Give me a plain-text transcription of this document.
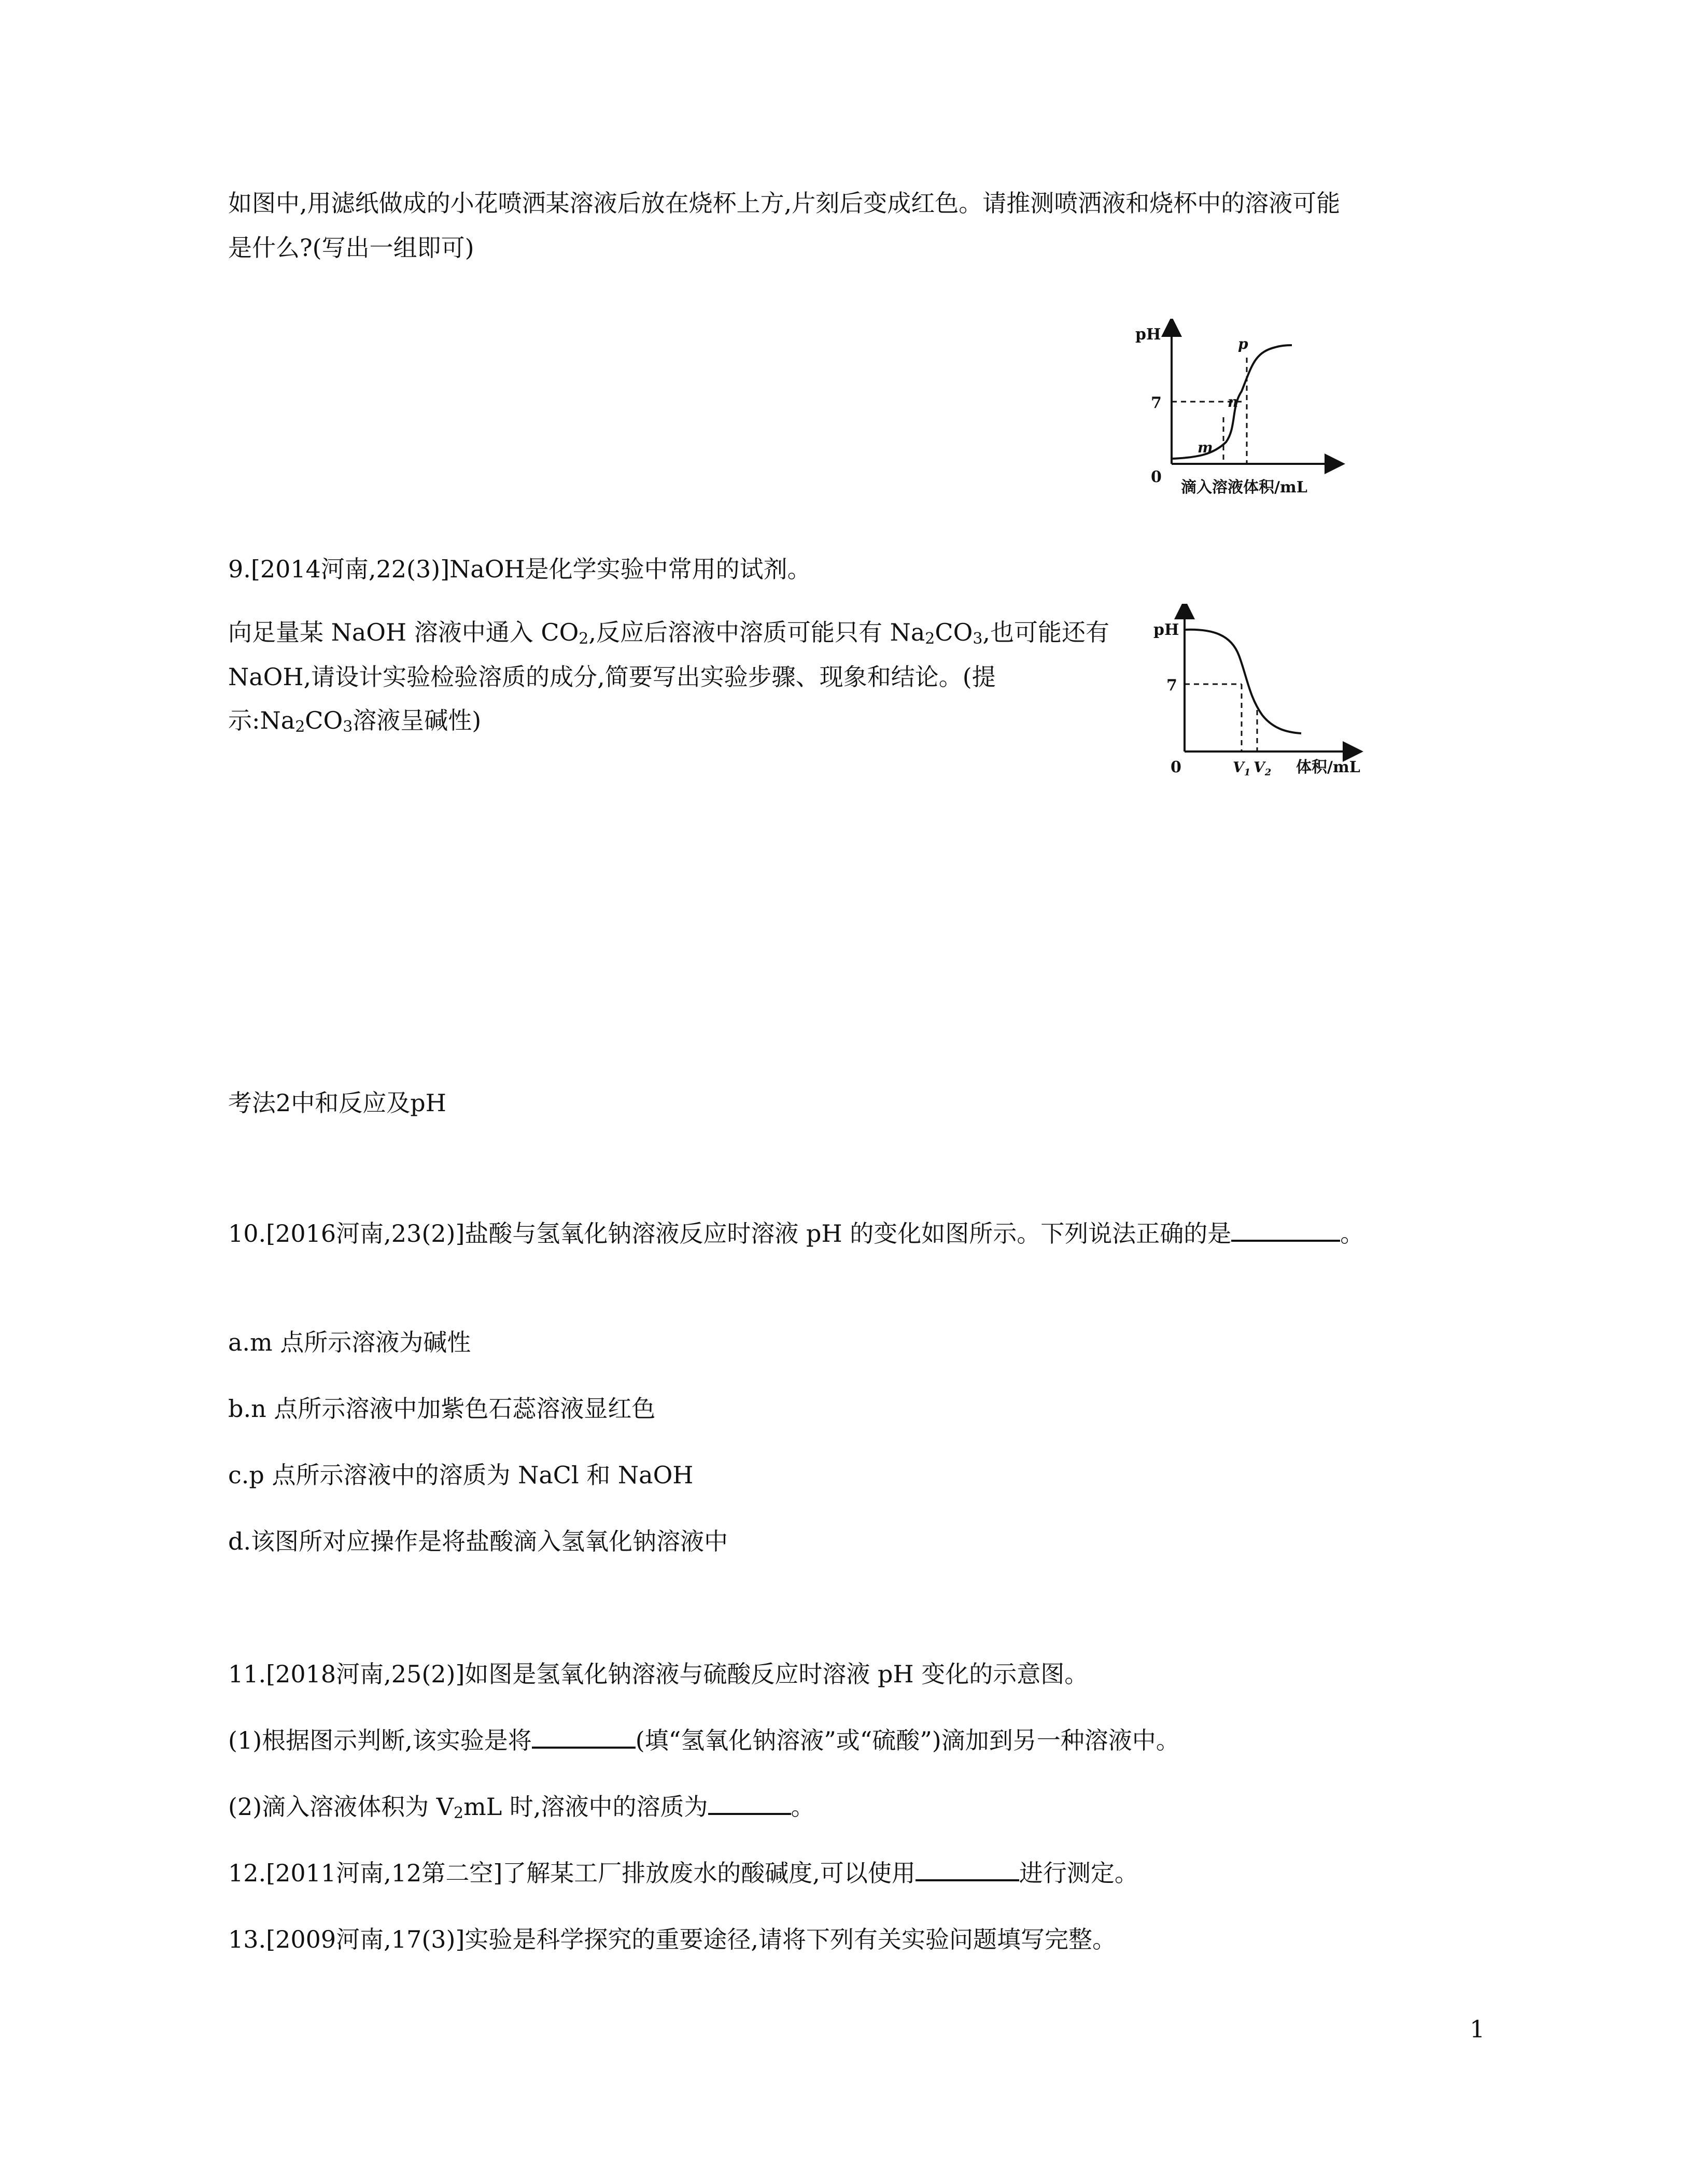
如图中,用滤纸做成的小花喷洒某溶液后放在烧杯上方,片刻后变成红色。请推测喷洒液和烧杯中的溶液可能
是什么?(写出一组即可)
pH
7
0
m
n
p
滴入溶液体积/mL
9.[2014河南,22(3)]NaOH是化学实验中常用的试剂。
向足量某 NaOH 溶液中通入 $CO_2$,反应后溶液中溶质可能只有 $Na_2CO_3$,也可能还有
NaOH,请设计实验检验溶质的成分,简要写出实验步骤、现象和结论。(提
示$:Na_2CO_3$溶液呈碱性)
pH
7
0	$V_1$ $V_2$ 体积/mL
考法2中和反应及pH
10.[2016河南,23(2)]盐酸与氢氧化钠溶液反应时溶液 pH 的变化如图所示。下列说法正确的是	。
a.m 点所示溶液为碱性
b.n 点所示溶液中加紫色石蕊溶液显红色
c.p 点所示溶液中的溶质为 NaCl 和 NaOH
d.该图所对应操作是将盐酸滴入氢氧化钠溶液中
11.[2018河南,25(2)]如图是氢氧化钠溶液与硫酸反应时溶液 pH 变化的示意图。
(1)根据图示判断,该实验是将	(填“氢氧化钠溶液”或“硫酸”)滴加到另一种溶液中。
(2)滴入溶液体积为 $V_2mL$ 时,溶液中的溶质为	。
12.[2011河南,12第二空]了解某工厂排放废水的酸碱度,可以使用	进行测定。
13.[2009河南,17(3)]实验是科学探究的重要途径,请将下列有关实验问题填写完整。
1
